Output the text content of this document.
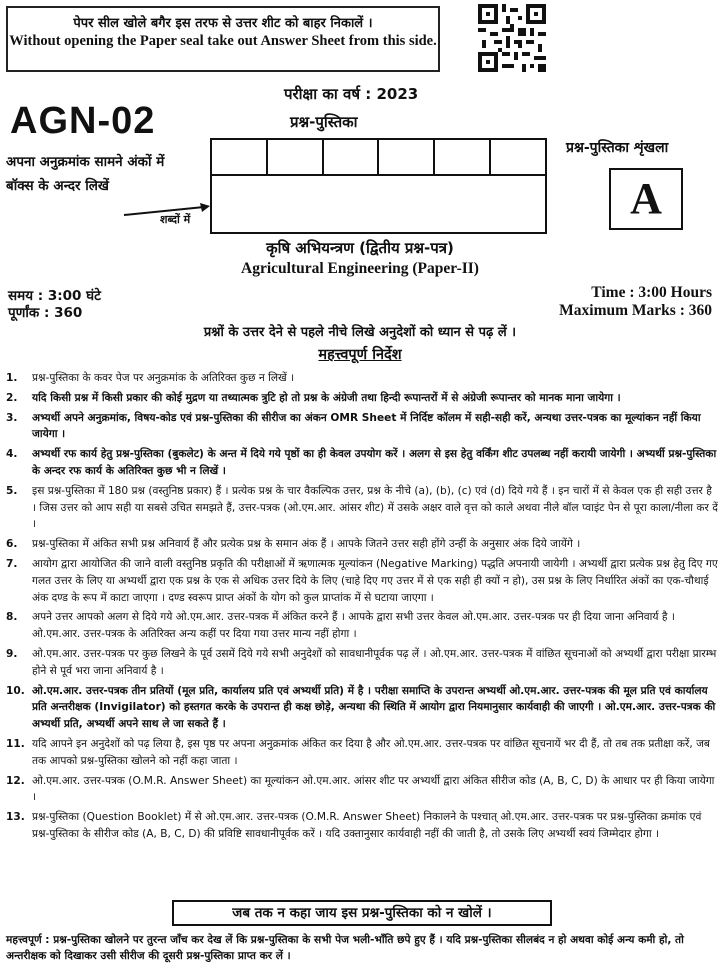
पेपर सील खोले बगैर इस तरफ से उत्तर शीट को बाहर निकालें ।
Without opening the Paper seal take out Answer Sheet from this side.
परीक्षा का वर्ष : 2023
प्रश्न-पुस्तिका
AGN-02
प्रश्न-पुस्तिका शृंखला
A
अपना अनुक्रमांक सामने अंकों में
बॉक्स के अन्दर लिखें
शब्दों में
कृषि अभियन्त्रण (द्वितीय प्रश्न-पत्र)
Agricultural Engineering (Paper-II)
समय : 3:00 घंटे
पूर्णांक : 360
Time : 3:00 Hours
Maximum Marks : 360
प्रश्नों के उत्तर देने से पहले नीचे लिखे अनुदेशों को ध्यान से पढ़ लें ।
महत्त्वपूर्ण निर्देश
1.	प्रश्न-पुस्तिका के कवर पेज पर अनुक्रमांक के अतिरिक्त कुछ न लिखें ।
2.	यदि किसी प्रश्न में किसी प्रकार की कोई मुद्रण या तथ्यात्मक त्रुटि हो तो प्रश्न के अंग्रेजी तथा हिन्दी रूपान्तरों में से अंग्रेजी रूपान्तर को मानक माना जायेगा ।
3.	अभ्यर्थी अपने अनुक्रमांक, विषय-कोड एवं प्रश्न-पुस्तिका की सीरीज का अंकन OMR Sheet में निर्दिष्ट कॉलम में सही-सही करें, अन्यथा उत्तर-पत्रक का मूल्यांकन नहीं किया जायेगा ।
4.	अभ्यर्थी रफ कार्य हेतु प्रश्न-पुस्तिका (बुकलेट) के अन्त में दिये गये पृष्ठों का ही केवल उपयोग करें । अलग से इस हेतु वर्किंग शीट उपलब्ध नहीं करायी जायेगी । अभ्यर्थी प्रश्न-पुस्तिका के अन्दर रफ कार्य के अतिरिक्त कुछ भी न लिखें ।
5.	इस प्रश्न-पुस्तिका में 180 प्रश्न (वस्तुनिष्ठ प्रकार) हैं । प्रत्येक प्रश्न के चार वैकल्पिक उत्तर, प्रश्न के नीचे (a), (b), (c) एवं (d) दिये गये हैं । इन चारों में से केवल एक ही सही उत्तर है । जिस उत्तर को आप सही या सबसे उचित समझते हैं, उत्तर-पत्रक (ओ.एम.आर. आंसर शीट) में उसके अक्षर वाले वृत्त को काले अथवा नीले बॉल प्वाइंट पेन से पूरा काला/नीला कर दें ।
6.	प्रश्न-पुस्तिका में अंकित सभी प्रश्न अनिवार्य हैं और प्रत्येक प्रश्न के समान अंक हैं । आपके जितने उत्तर सही होंगे उन्हीं के अनुसार अंक दिये जायेंगे ।
7.	आयोग द्वारा आयोजित की जाने वाली वस्तुनिष्ठ प्रकृति की परीक्षाओं में ऋणात्मक मूल्यांकन (Negative Marking) पद्धति अपनायी जायेगी । अभ्यर्थी द्वारा प्रत्येक प्रश्न हेतु दिए गए गलत उत्तर के लिए या अभ्यर्थी द्वारा एक प्रश्न के एक से अधिक उत्तर दिये के लिए (चाहे दिए गए उत्तर में से एक सही ही क्यों न हो), उस प्रश्न के लिए निर्धारित अंकों का एक-चौथाई अंक दण्ड के रूप में काटा जाएगा । दण्ड स्वरूप प्राप्त अंकों के योग को कुल प्राप्तांक में से घटाया जाएगा ।
8.	अपने उत्तर आपको अलग से दिये गये ओ.एम.आर. उत्तर-पत्रक में अंकित करने हैं । आपके द्वारा सभी उत्तर केवल ओ.एम.आर. उत्तर-पत्रक पर ही दिया जाना अनिवार्य है । ओ.एम.आर. उत्तर-पत्रक के अतिरिक्त अन्य कहीं पर दिया गया उत्तर मान्य नहीं होगा ।
9.	ओ.एम.आर. उत्तर-पत्रक पर कुछ लिखने के पूर्व उसमें दिये गये सभी अनुदेशों को सावधानीपूर्वक पढ़ लें । ओ.एम.आर. उत्तर-पत्रक में वांछित सूचनाओं को अभ्यर्थी द्वारा परीक्षा प्रारम्भ होने से पूर्व भरा जाना अनिवार्य है ।
10. ओ.एम.आर. उत्तर-पत्रक तीन प्रतियों (मूल प्रति, कार्यालय प्रति एवं अभ्यर्थी प्रति) में है । परीक्षा समाप्ति के उपरान्त अभ्यर्थी ओ.एम.आर. उत्तर-पत्रक की मूल प्रति एवं कार्यालय प्रति अन्तरीक्षक (Invigilator) को हस्तगत करके के उपरान्त ही कक्ष छोड़े, अन्यथा की स्थिति में आयोग द्वारा नियमानुसार कार्यवाही की जाएगी । ओ.एम.आर. उत्तर-पत्रक की अभ्यर्थी प्रति, अभ्यर्थी अपने साथ ले जा सकते हैं ।
11. यदि आपने इन अनुदेशों को पढ़ लिया है, इस पृष्ठ पर अपना अनुक्रमांक अंकित कर दिया है और ओ.एम.आर. उत्तर-पत्रक पर वांछित सूचनायें भर दी हैं, तो तब तक प्रतीक्षा करें, जब तक आपको प्रश्न-पुस्तिका खोलने को नहीं कहा जाता ।
12. ओ.एम.आर. उत्तर-पत्रक (O.M.R. Answer Sheet) का मूल्यांकन ओ.एम.आर. आंसर शीट पर अभ्यर्थी द्वारा अंकित सीरीज कोड (A, B, C, D) के आधार पर ही किया जायेगा ।
13. प्रश्न-पुस्तिका (Question Booklet) में से ओ.एम.आर. उत्तर-पत्रक (O.M.R. Answer Sheet) निकालने के पश्चात् ओ.एम.आर. उत्तर-पत्रक पर प्रश्न-पुस्तिका क्रमांक एवं प्रश्न-पुस्तिका के सीरीज कोड (A, B, C, D) की प्रविष्टि सावधानीपूर्वक करें । यदि उक्तानुसार कार्यवाही नहीं की जाती है, तो उसके लिए अभ्यर्थी स्वयं जिम्मेदार होगा ।
जब तक न कहा जाय इस प्रश्न-पुस्तिका को न खोलें ।
महत्त्वपूर्ण : प्रश्न-पुस्तिका खोलने पर तुरन्त जाँच कर देख लें कि प्रश्न-पुस्तिका के सभी पेज भली-भाँति छपे हुए हैं । यदि प्रश्न-पुस्तिका सीलबंद न हो अथवा कोई अन्य कमी हो, तो अन्तरीक्षक को दिखाकर उसी सीरीज की दूसरी प्रश्न-पुस्तिका प्राप्त कर लें ।
